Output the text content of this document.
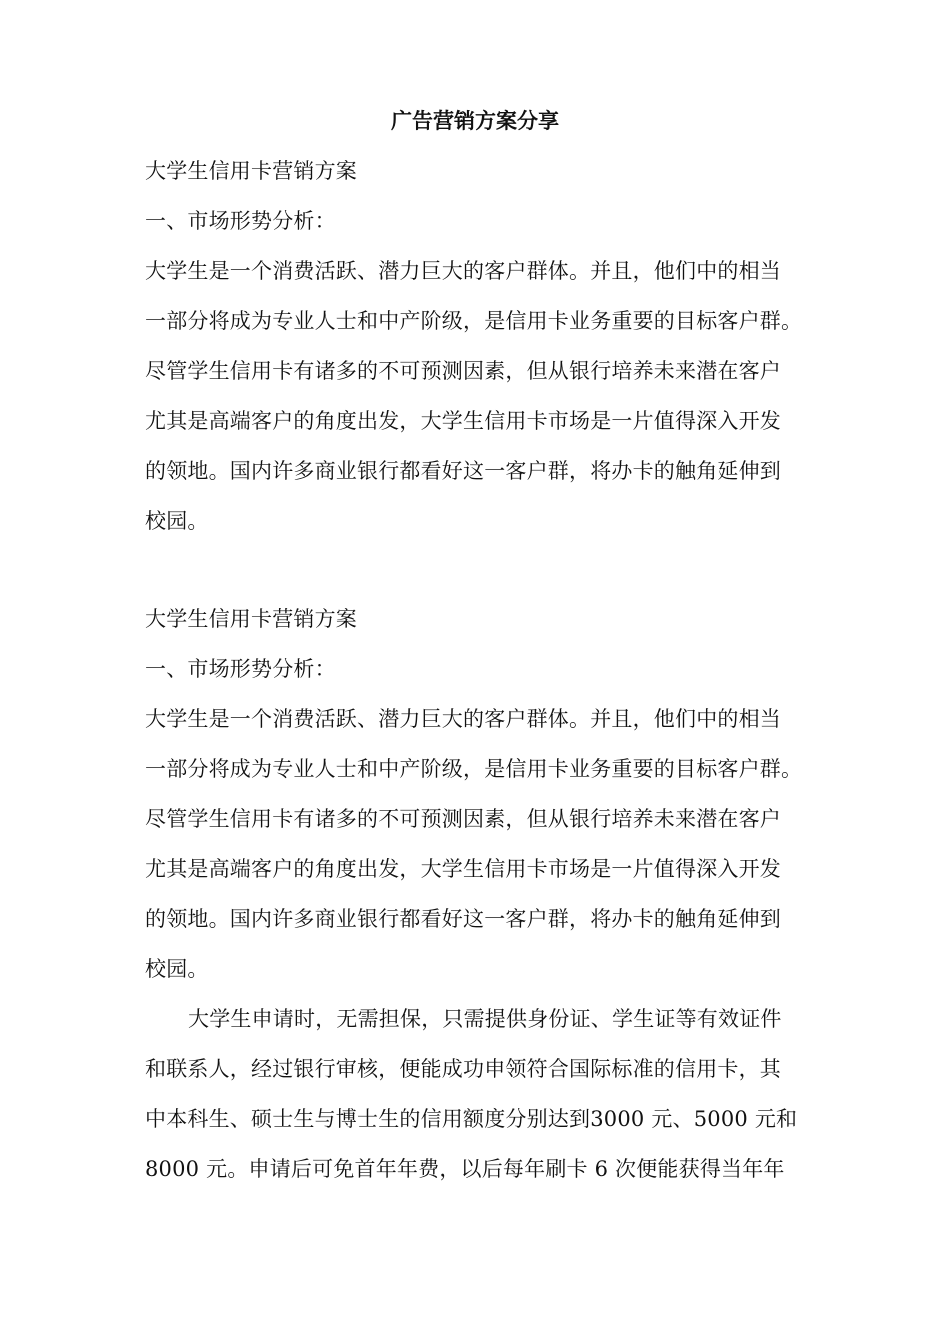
广告营销方案分享
大学生信用卡营销方案
一、市场形势分析：
大学生是一个消费活跃、潜力巨大的客户群体。并且，他们中的相当
一部分将成为专业人士和中产阶级，是信用卡业务重要的目标客户群。
尽管学生信用卡有诸多的不可预测因素，但从银行培养未来潜在客户
尤其是高端客户的角度出发，大学生信用卡市场是一片值得深入开发
的领地。国内许多商业银行都看好这一客户群，将办卡的触角延伸到
校园。
大学生信用卡营销方案
一、市场形势分析：
大学生是一个消费活跃、潜力巨大的客户群体。并且，他们中的相当
一部分将成为专业人士和中产阶级，是信用卡业务重要的目标客户群。
尽管学生信用卡有诸多的不可预测因素，但从银行培养未来潜在客户
尤其是高端客户的角度出发，大学生信用卡市场是一片值得深入开发
的领地。国内许多商业银行都看好这一客户群，将办卡的触角延伸到
校园。
大学生申请时，无需担保，只需提供身份证、学生证等有效证件
和联系人，经过银行审核，便能成功申领符合国际标准的信用卡，其
中本科生、硕士生与博士生的信用额度分别达到3000 元、5000 元和
8000 元。申请后可免首年年费，以后每年刷卡 6 次便能获得当年年
